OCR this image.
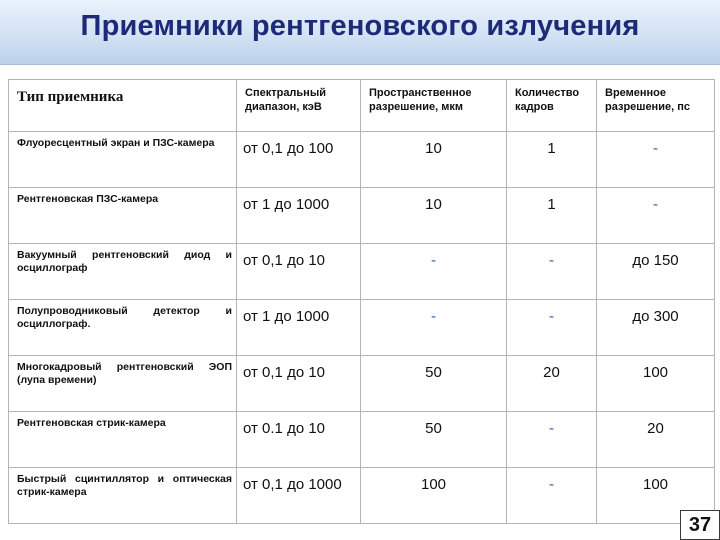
Приемники рентгеновского излучения
Тип приемника	Спектральный диапазон, кэВ	Пространственное разрешение, мкм	Количество кадров	Временное разрешение, пс
Флуоресцентный экран и ПЗС-камера	от 0,1 до 100	10	1	-
Рентгеновская ПЗС-камера	от 1 до 1000	10	1	-
Вакуумный рентгеновский диод и осциллограф	от 0,1 до 10	-	-	до 150
Полупроводниковый детектор и осциллограф.	от 1 до 1000	-	-	до 300
Многокадровый рентгеновский ЭОП (лупа времени)	от 0,1 до 10	50	20	100
Рентгеновская стрик-камера	от 0.1 до 10	50	-	20
Быстрый сцинтиллятор и оптическая стрик-камера	от 0,1 до 1000	100	-	100
37
